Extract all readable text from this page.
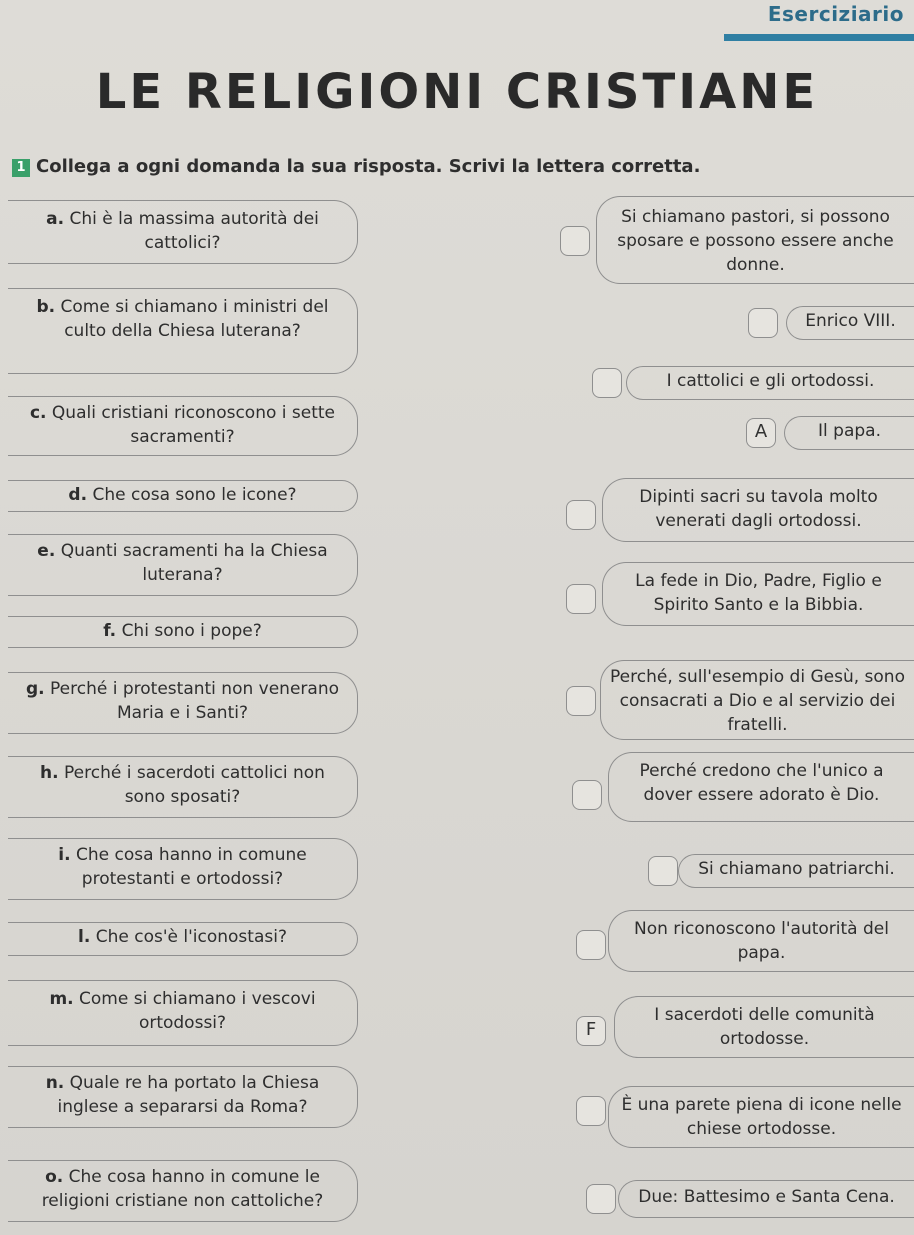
Eserciziario
LE RELIGIONI CRISTIANE
1 Collega a ogni domanda la sua risposta. Scrivi la lettera corretta.
a. Chi è la massima autorità dei cattolici?
b. Come si chiamano i ministri del culto della Chiesa luterana?
c. Quali cristiani riconoscono i sette sacramenti?
d. Che cosa sono le icone?
e. Quanti sacramenti ha la Chiesa luterana?
f. Chi sono i pope?
g. Perché i protestanti non venerano Maria e i Santi?
h. Perché i sacerdoti cattolici non sono sposati?
i. Che cosa hanno in comune protestanti e ortodossi?
l. Che cos'è l'iconostasi?
m. Come si chiamano i vescovi ortodossi?
n. Quale re ha portato la Chiesa inglese a separarsi da Roma?
o. Che cosa hanno in comune le religioni cristiane non cattoliche?
Si chiamano pastori, si possono sposare e possono essere anche donne.
Enrico VIII.
I cattolici e gli ortodossi.
A	Il papa.
Dipinti sacri su tavola molto venerati dagli ortodossi.
La fede in Dio, Padre, Figlio e Spirito Santo e la Bibbia.
Perché, sull'esempio di Gesù, sono consacrati a Dio e al servizio dei fratelli.
Perché credono che l'unico a dover essere adorato è Dio.
Si chiamano patriarchi.
Non riconoscono l'autorità del papa.
F
I sacerdoti delle comunità ortodosse.
È una parete piena di icone nelle chiese ortodosse.
Due: Battesimo e Santa Cena.
